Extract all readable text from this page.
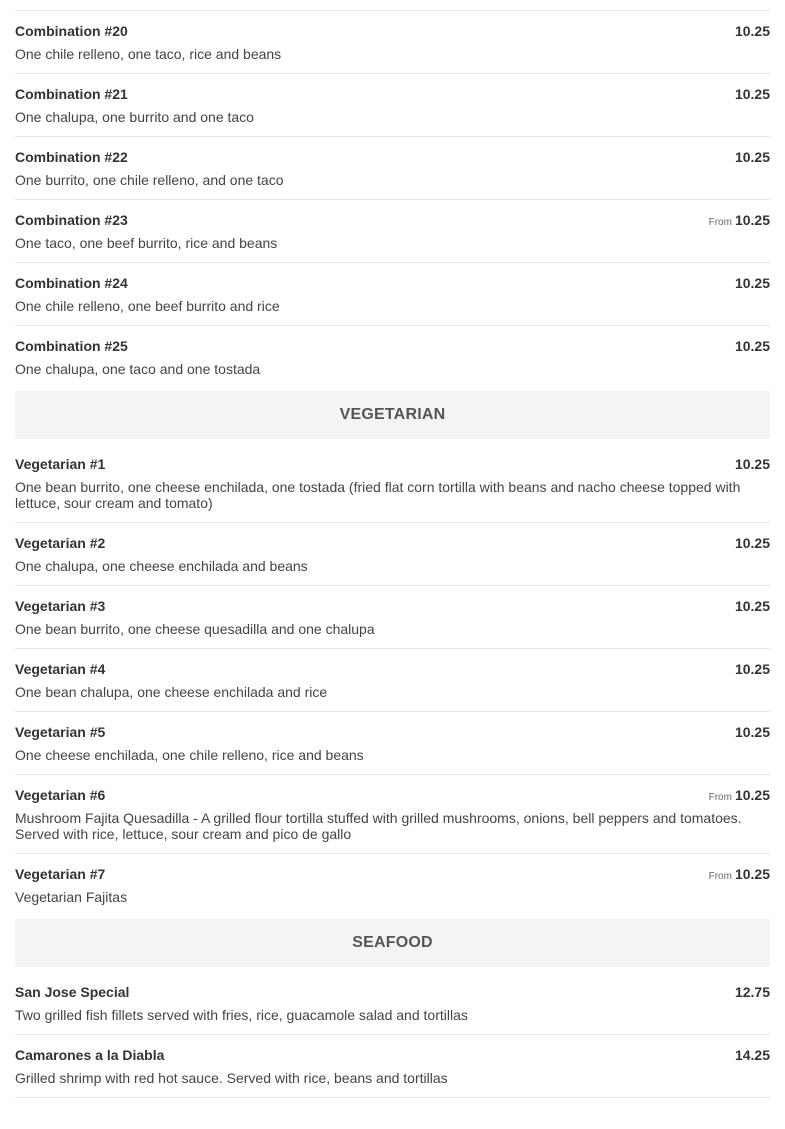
Combination #20	10.25
One chile relleno, one taco, rice and beans
Combination #21	10.25
One chalupa, one burrito and one taco
Combination #22	10.25
One burrito, one chile relleno, and one taco
Combination #23	From 10.25
One taco, one beef burrito, rice and beans
Combination #24	10.25
One chile relleno, one beef burrito and rice
Combination #25	10.25
One chalupa, one taco and one tostada
VEGETARIAN
Vegetarian #1	10.25
One bean burrito, one cheese enchilada, one tostada (fried flat corn tortilla with beans and nacho cheese topped with lettuce, sour cream and tomato)
Vegetarian #2	10.25
One chalupa, one cheese enchilada and beans
Vegetarian #3	10.25
One bean burrito, one cheese quesadilla and one chalupa
Vegetarian #4	10.25
One bean chalupa, one cheese enchilada and rice
Vegetarian #5	10.25
One cheese enchilada, one chile relleno, rice and beans
Vegetarian #6	From 10.25
Mushroom Fajita Quesadilla - A grilled flour tortilla stuffed with grilled mushrooms, onions, bell peppers and tomatoes. Served with rice, lettuce, sour cream and pico de gallo
Vegetarian #7	From 10.25
Vegetarian Fajitas
SEAFOOD
San Jose Special	12.75
Two grilled fish fillets served with fries, rice, guacamole salad and tortillas
Camarones a la Diabla	14.25
Grilled shrimp with red hot sauce. Served with rice, beans and tortillas
